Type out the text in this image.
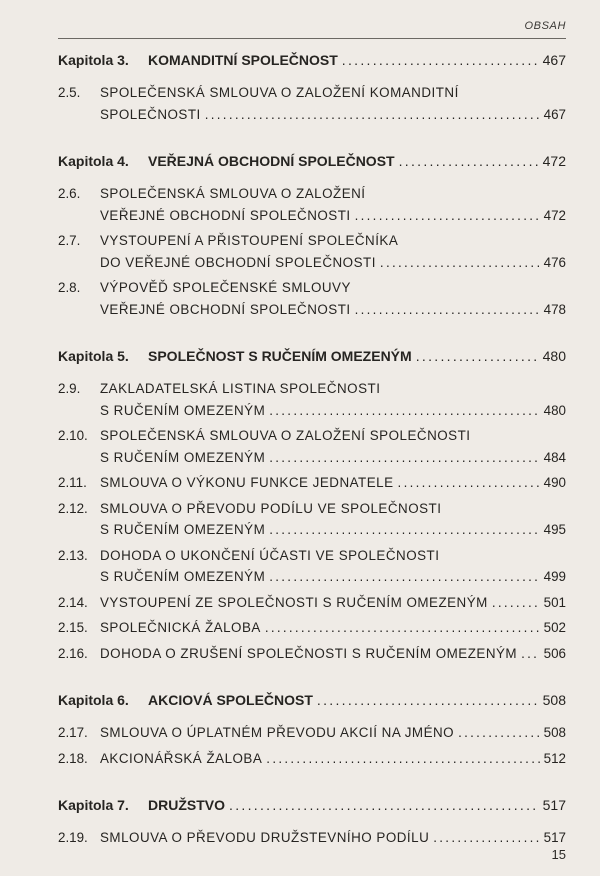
OBSAH
Kapitola 3.	KOMANDITNÍ SPOLEČNOST .....	467
2.5.	SPOLEČENSKÁ SMLOUVA O ZALOŽENÍ KOMANDITNÍ
SPOLEČNOSTI .....	467
Kapitola 4.	VEŘEJNÁ OBCHODNÍ SPOLEČNOST .....	472
2.6.	SPOLEČENSKÁ SMLOUVA O ZALOŽENÍ
VEŘEJNÉ OBCHODNÍ SPOLEČNOSTI .....	472
2.7.	VYSTOUPENÍ A PŘISTOUPENÍ SPOLEČNÍKA
DO VEŘEJNÉ OBCHODNÍ SPOLEČNOSTI .....	476
2.8.	VÝPOVĚĎ SPOLEČENSKÉ SMLOUVY
VEŘEJNÉ OBCHODNÍ SPOLEČNOSTI .....	478
Kapitola 5.	SPOLEČNOST S RUČENÍM OMEZENÝM .....	480
2.9.	ZAKLADATELSKÁ LISTINA SPOLEČNOSTI
S RUČENÍM OMEZENÝM .....	480
2.10. SPOLEČENSKÁ SMLOUVA O ZALOŽENÍ SPOLEČNOSTI
S RUČENÍM OMEZENÝM .....	484
2.11. SMLOUVA O VÝKONU FUNKCE JEDNATELE .....	490
2.12. SMLOUVA O PŘEVODU PODÍLU VE SPOLEČNOSTI
S RUČENÍM OMEZENÝM .....	495
2.13. DOHODA O UKONČENÍ ÚČASTI VE SPOLEČNOSTI
S RUČENÍM OMEZENÝM .....	499
2.14. VYSTOUPENÍ ZE SPOLEČNOSTI S RUČENÍM OMEZENÝM .....	501
2.15. SPOLEČNICKÁ ŽALOBA .....	502
2.16. DOHODA O ZRUŠENÍ SPOLEČNOSTI S RUČENÍM OMEZENÝM ..... 506
Kapitola 6.	AKCIOVÁ SPOLEČNOST .....	508
2.17. SMLOUVA O ÚPLATNÉM PŘEVODU AKCIÍ NA JMÉNO .....	508
2.18. AKCIONÁŘSKÁ ŽALOBA .....	512
Kapitola 7.	DRUŽSTVO .....	517
2.19. SMLOUVA O PŘEVODU DRUŽSTEVNÍHO PODÍLU .....	517
15
